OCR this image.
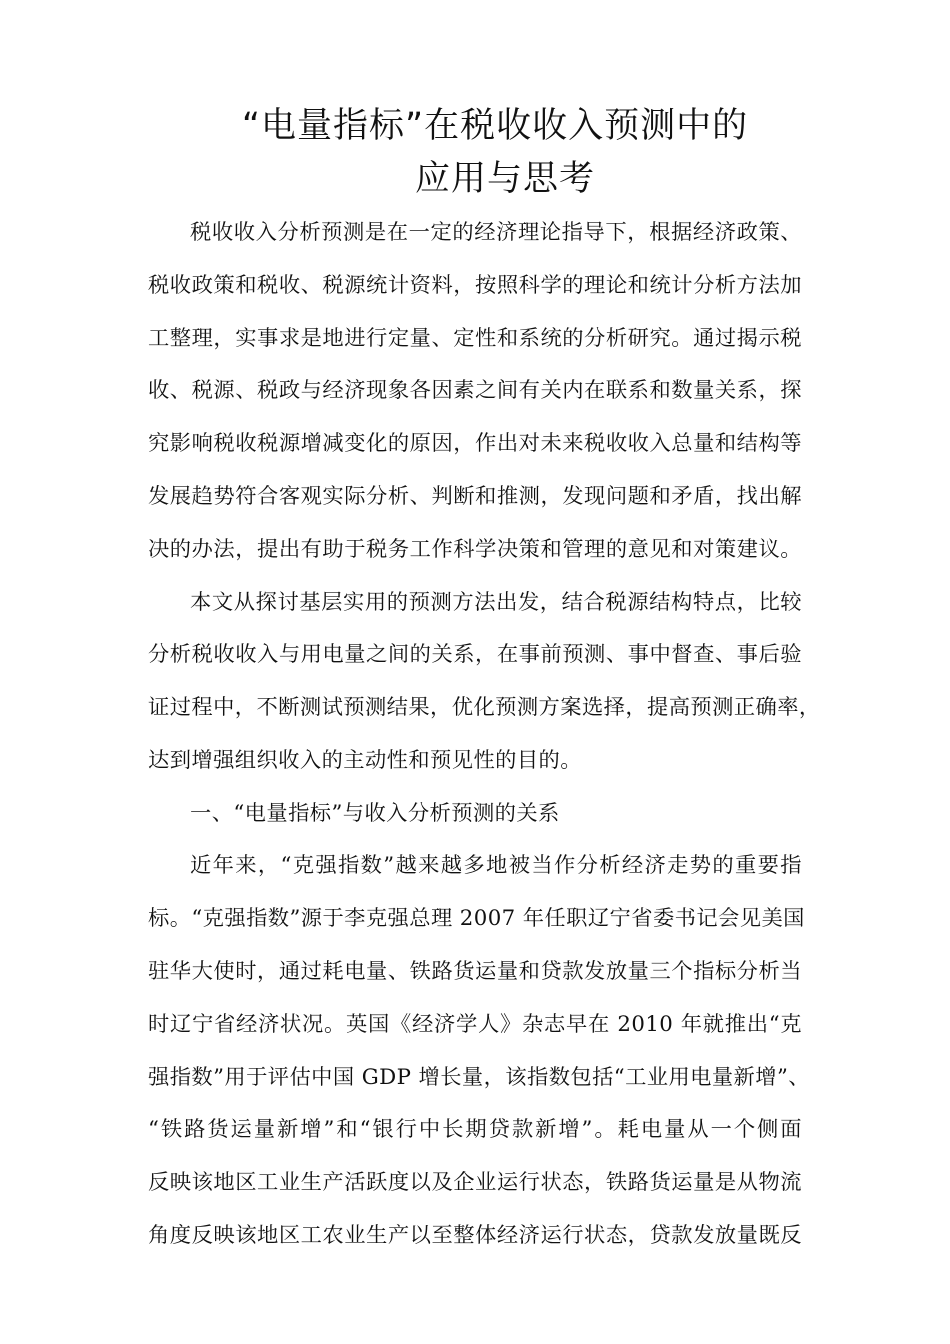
“电量指标”在税收收入预测中的
应用与思考
税收收入分析预测是在一定的经济理论指导下，根据经济政策、
税收政策和税收、税源统计资料，按照科学的理论和统计分析方法加
工整理，实事求是地进行定量、定性和系统的分析研究。通过揭示税
收、税源、税政与经济现象各因素之间有关内在联系和数量关系，探
究影响税收税源增减变化的原因，作出对未来税收收入总量和结构等
发展趋势符合客观实际分析、判断和推测，发现问题和矛盾，找出解
决的办法，提出有助于税务工作科学决策和管理的意见和对策建议。
本文从探讨基层实用的预测方法出发，结合税源结构特点，比较
分析税收收入与用电量之间的关系，在事前预测、事中督查、事后验
证过程中，不断测试预测结果，优化预测方案选择，提高预测正确率，
达到增强组织收入的主动性和预见性的目的。
一、“电量指标”与收入分析预测的关系
近年来，“克强指数”越来越多地被当作分析经济走势的重要指
标。“克强指数”源于李克强总理 2007 年任职辽宁省委书记会见美国
驻华大使时，通过耗电量、铁路货运量和贷款发放量三个指标分析当
时辽宁省经济状况。英国《经济学人》杂志早在 2010 年就推出“克
强指数”用于评估中国 GDP 增长量，该指数包括“工业用电量新增”、
“铁路货运量新增”和“银行中长期贷款新增”。耗电量从一个侧面
反映该地区工业生产活跃度以及企业运行状态，铁路货运量是从物流
角度反映该地区工农业生产以至整体经济运行状态，贷款发放量既反
